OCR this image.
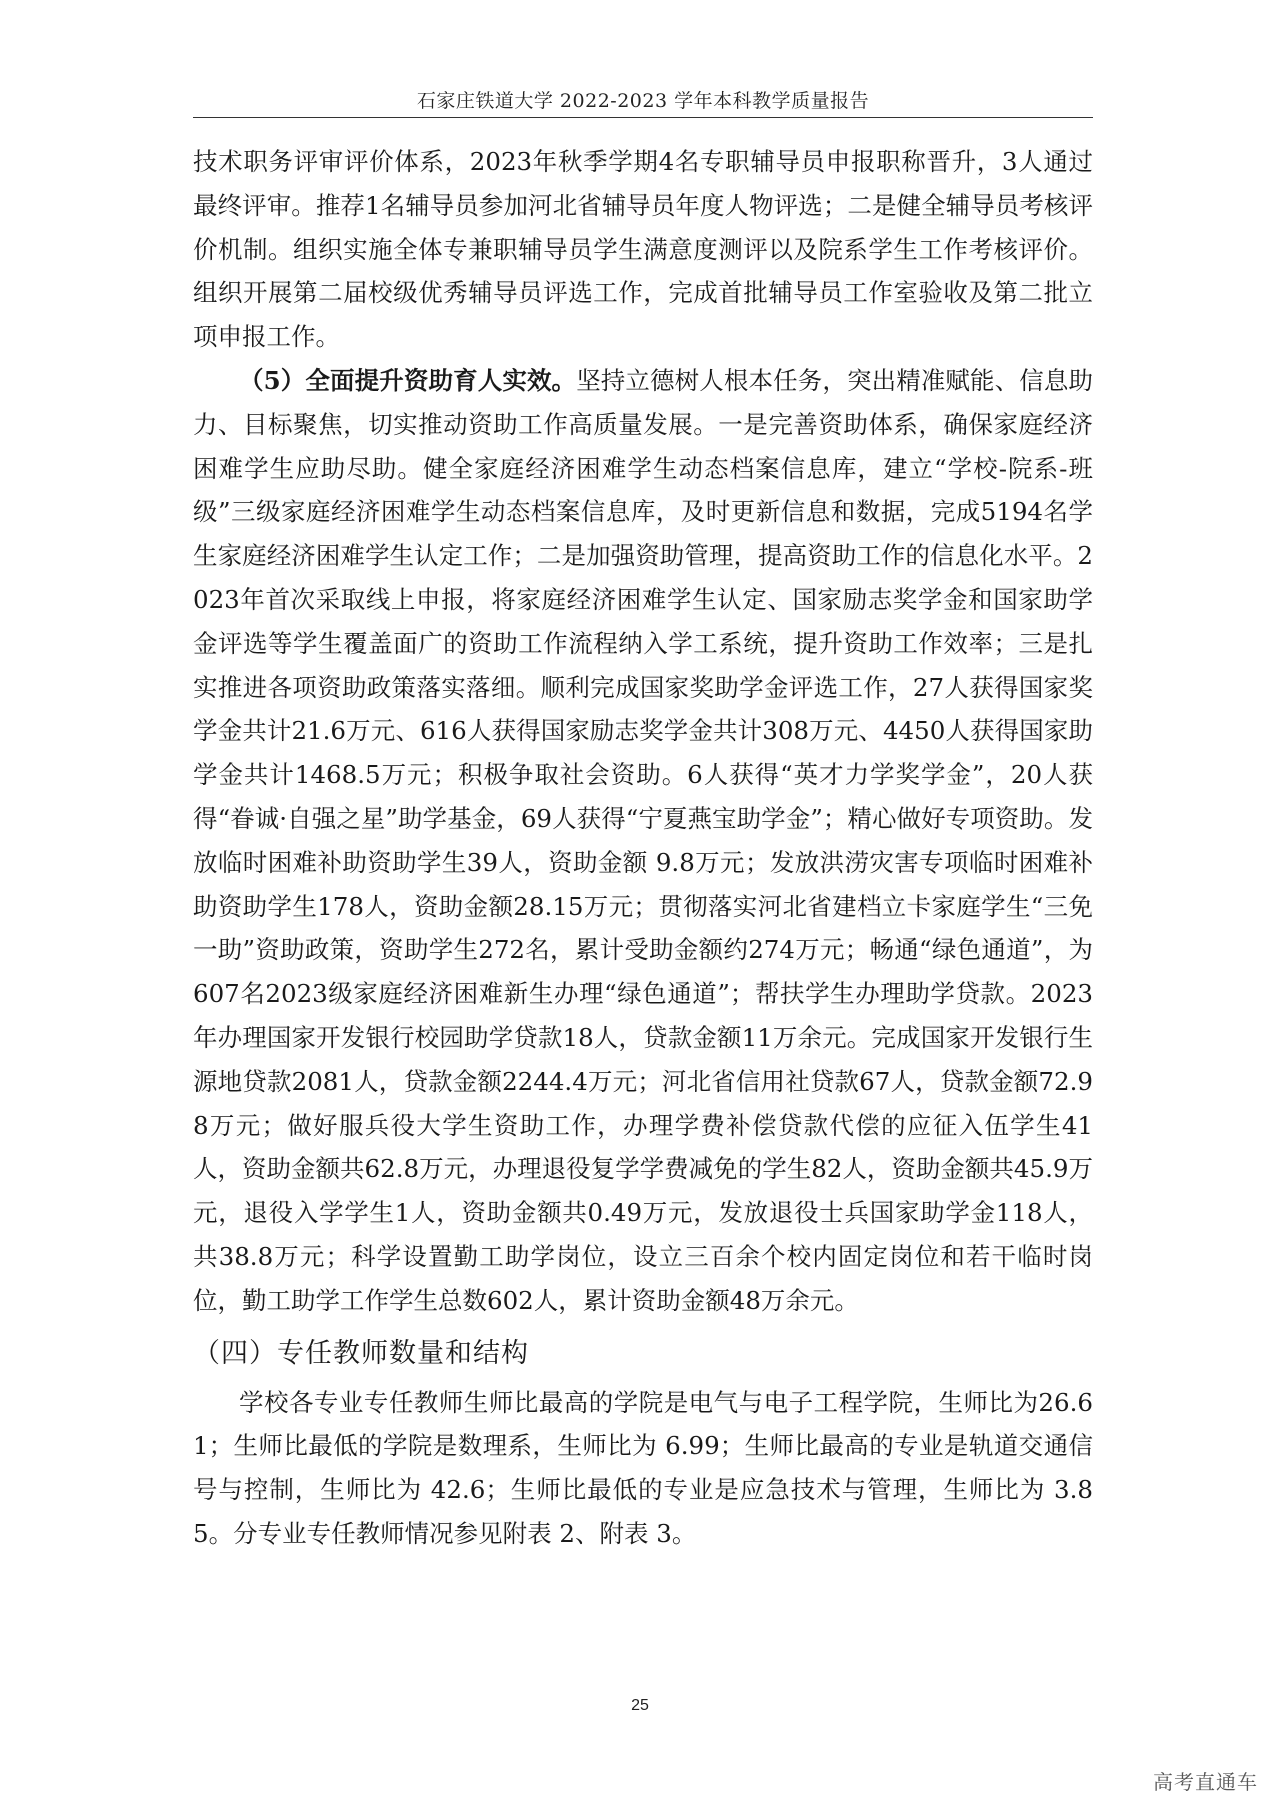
石家庄铁道大学 2022-2023 学年本科教学质量报告

技术职务评审评价体系，2023年秋季学期4名专职辅导员申报职称晋升，3人通过最终评审。推荐1名辅导员参加河北省辅导员年度人物评选；二是健全辅导员考核评价机制。组织实施全体专兼职辅导员学生满意度测评以及院系学生工作考核评价。组织开展第二届校级优秀辅导员评选工作，完成首批辅导员工作室验收及第二批立项申报工作。

（5）全面提升资助育人实效。坚持立德树人根本任务，突出精准赋能、信息助力、目标聚焦，切实推动资助工作高质量发展。一是完善资助体系，确保家庭经济困难学生应助尽助。健全家庭经济困难学生动态档案信息库，建立“学校-院系-班级”三级家庭经济困难学生动态档案信息库，及时更新信息和数据，完成5194名学生家庭经济困难学生认定工作；二是加强资助管理，提高资助工作的信息化水平。2023年首次采取线上申报，将家庭经济困难学生认定、国家励志奖学金和国家助学金评选等学生覆盖面广的资助工作流程纳入学工系统，提升资助工作效率；三是扎实推进各项资助政策落实落细。顺利完成国家奖助学金评选工作，27人获得国家奖学金共计21.6万元、616人获得国家励志奖学金共计308万元、4450人获得国家助学金共计1468.5万元；积极争取社会资助。6人获得“英才力学奖学金”，20人获得“眷诚·自强之星”助学基金，69人获得“宁夏燕宝助学金”；精心做好专项资助。发放临时困难补助资助学生39人，资助金额 9.8万元；发放洪涝灾害专项临时困难补助资助学生178人，资助金额28.15万元；贯彻落实河北省建档立卡家庭学生“三免一助”资助政策，资助学生272名，累计受助金额约274万元；畅通“绿色通道”，为607名2023级家庭经济困难新生办理“绿色通道”；帮扶学生办理助学贷款。2023年办理国家开发银行校园助学贷款18人，贷款金额11万余元。完成国家开发银行生源地贷款2081人，贷款金额2244.4万元；河北省信用社贷款67人，贷款金额72.98万元；做好服兵役大学生资助工作，办理学费补偿贷款代偿的应征入伍学生41人，资助金额共62.8万元，办理退役复学学费减免的学生82人，资助金额共45.9万元，退役入学学生1人，资助金额共0.49万元，发放退役士兵国家助学金118人，共38.8万元；科学设置勤工助学岗位，设立三百余个校内固定岗位和若干临时岗位，勤工助学工作学生总数602人，累计资助金额48万余元。

（四）专任教师数量和结构

学校各专业专任教师生师比最高的学院是电气与电子工程学院，生师比为26.61；生师比最低的学院是数理系，生师比为 6.99；生师比最高的专业是轨道交通信号与控制，生师比为 42.6；生师比最低的专业是应急技术与管理，生师比为 3.85。分专业专任教师情况参见附表 2、附表 3。

25
高考直通车
